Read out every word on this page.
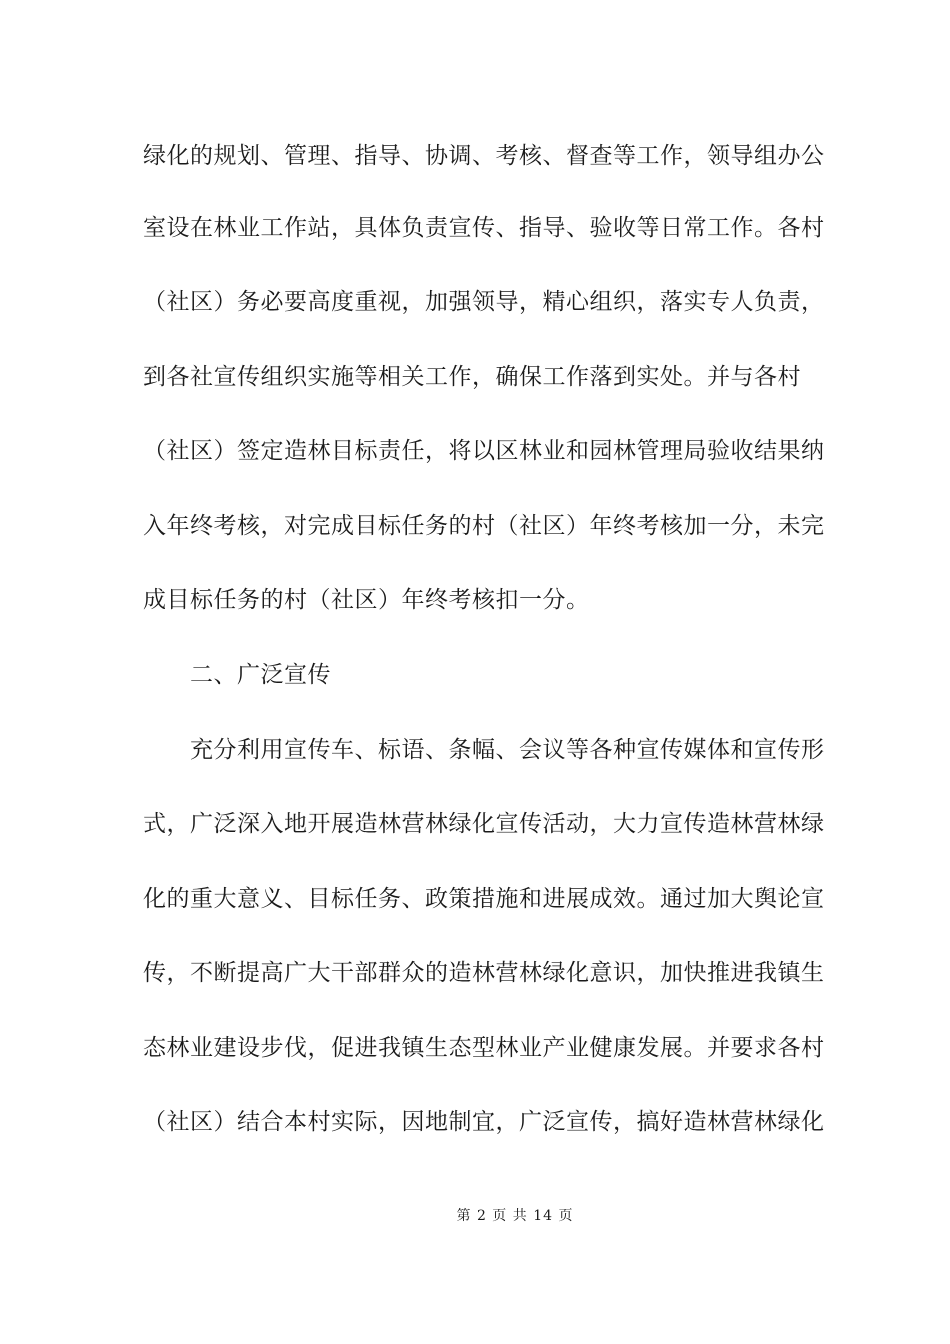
绿化的规划、管理、指导、协调、考核、督查等工作，领导组办公
室设在林业工作站，具体负责宣传、指导、验收等日常工作。各村
（社区）务必要高度重视，加强领导，精心组织，落实专人负责，
到各社宣传组织实施等相关工作，确保工作落到实处。并与各村
（社区）签定造林目标责任，将以区林业和园林管理局验收结果纳
入年终考核，对完成目标任务的村（社区）年终考核加一分，未完
成目标任务的村（社区）年终考核扣一分。
二、广泛宣传
充分利用宣传车、标语、条幅、会议等各种宣传媒体和宣传形
式，广泛深入地开展造林营林绿化宣传活动，大力宣传造林营林绿
化的重大意义、目标任务、政策措施和进展成效。通过加大舆论宣
传，不断提高广大干部群众的造林营林绿化意识，加快推进我镇生
态林业建设步伐，促进我镇生态型林业产业健康发展。并要求各村
（社区）结合本村实际，因地制宜，广泛宣传，搞好造林营林绿化
第 2 页 共 14 页
